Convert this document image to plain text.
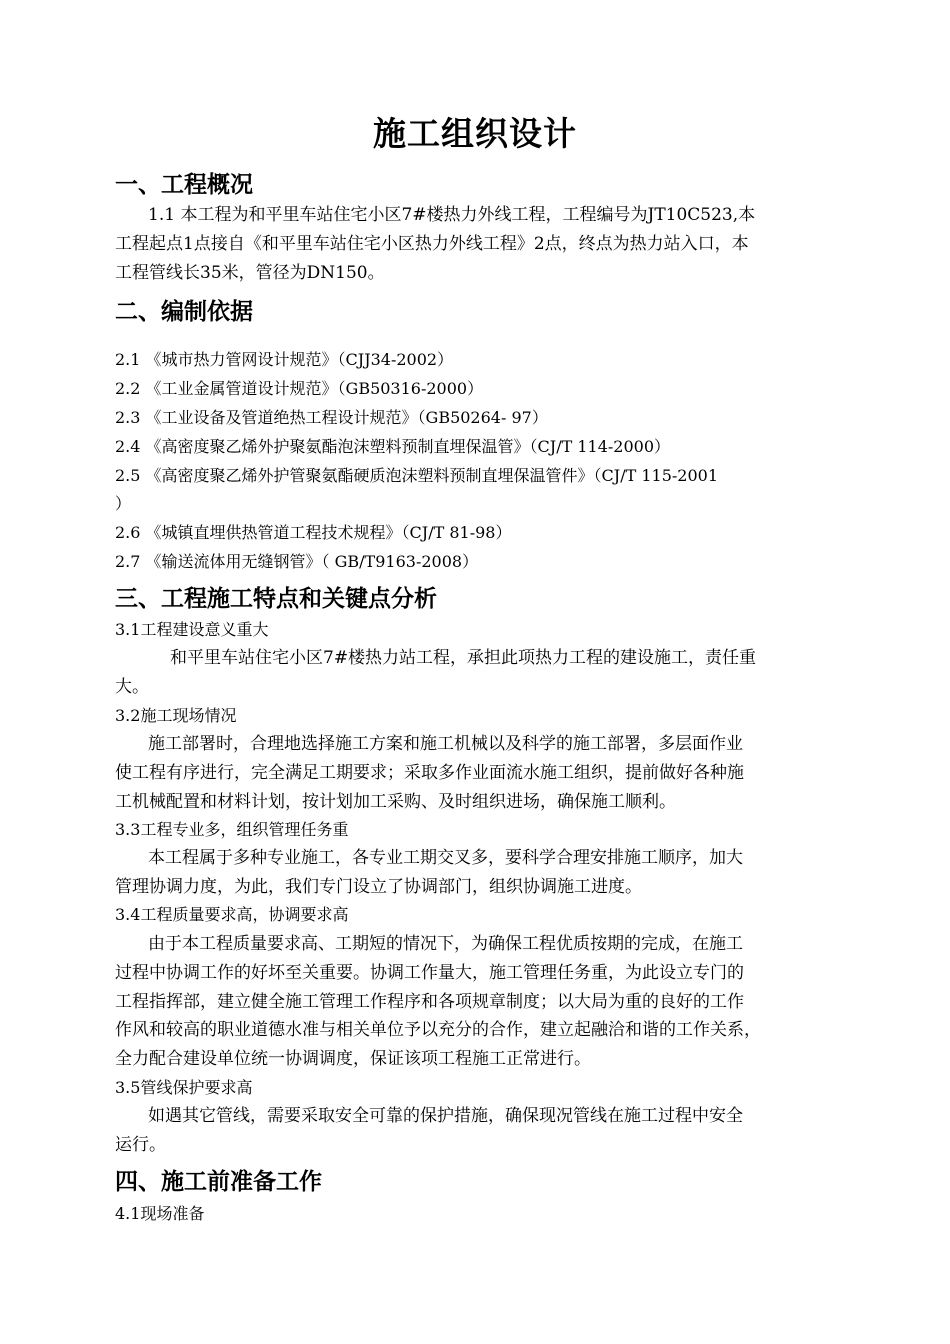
施工组织设计
一、工程概况
1.1 本工程为和平里车站住宅小区7#楼热力外线工程，工程编号为JT10C523,本
工程起点1点接自《和平里车站住宅小区热力外线工程》2点，终点为热力站入口，本
工程管线长35米，管径为DN150。
二、编制依据
2.1 《城市热力管网设计规范》（CJJ34-2002）
2.2 《工业金属管道设计规范》（GB50316-2000）
2.3 《工业设备及管道绝热工程设计规范》（GB50264- 97）
2.4 《高密度聚乙烯外护聚氨酯泡沫塑料预制直埋保温管》（CJ/T 114-2000）
2.5 《高密度聚乙烯外护管聚氨酯硬质泡沫塑料预制直埋保温管件》（CJ/T 115-2001
）
2.6 《城镇直埋供热管道工程技术规程》（CJ/T 81-98）
2.7 《输送流体用无缝钢管》（ GB/T9163-2008）
三、工程施工特点和关键点分析
3.1工程建设意义重大
和平里车站住宅小区7#楼热力站工程，承担此项热力工程的建设施工，责任重
大。
3.2施工现场情况
施工部署时，合理地选择施工方案和施工机械以及科学的施工部署，多层面作业
使工程有序进行，完全满足工期要求；采取多作业面流水施工组织，提前做好各种施
工机械配置和材料计划，按计划加工采购、及时组织进场，确保施工顺利。
3.3工程专业多，组织管理任务重
本工程属于多种专业施工，各专业工期交叉多，要科学合理安排施工顺序，加大
管理协调力度，为此，我们专门设立了协调部门，组织协调施工进度。
3.4工程质量要求高，协调要求高
由于本工程质量要求高、工期短的情况下，为确保工程优质按期的完成，在施工
过程中协调工作的好坏至关重要。协调工作量大，施工管理任务重，为此设立专门的
工程指挥部，建立健全施工管理工作程序和各项规章制度；以大局为重的良好的工作
作风和较高的职业道德水准与相关单位予以充分的合作，建立起融洽和谐的工作关系，
全力配合建设单位统一协调调度，保证该项工程施工正常进行。
3.5管线保护要求高
如遇其它管线，需要采取安全可靠的保护措施，确保现况管线在施工过程中安全
运行。
四、施工前准备工作
4.1现场准备
